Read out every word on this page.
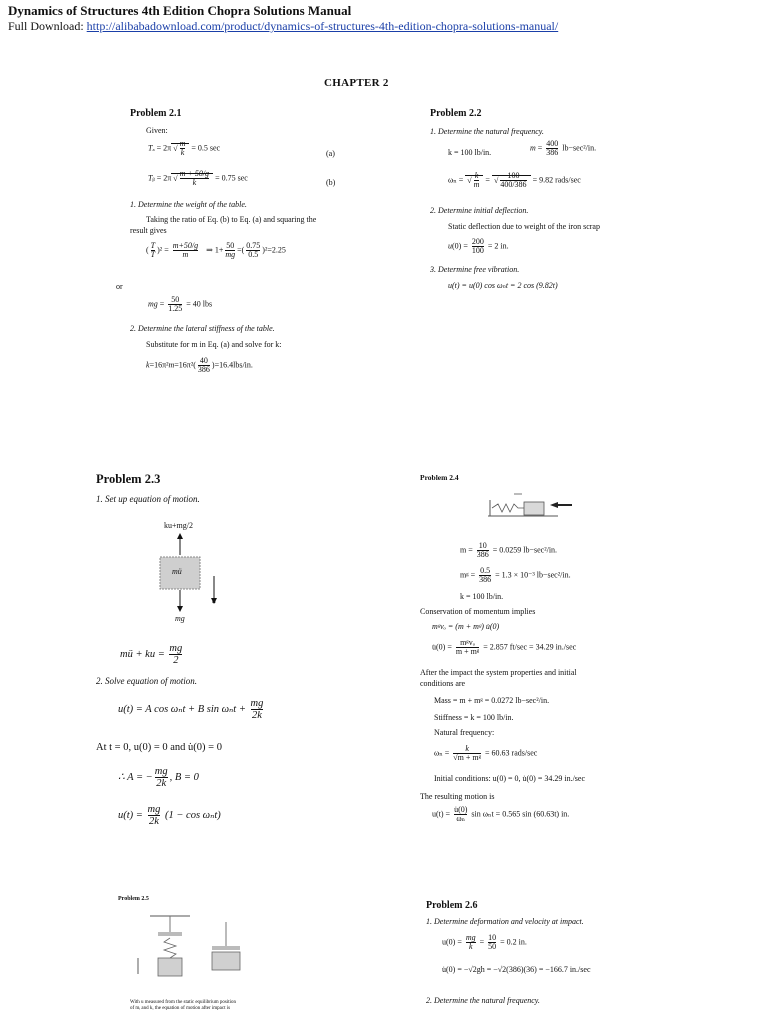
Dynamics of Structures 4th Edition Chopra Solutions Manual
Full Download: http://alibabadownload.com/product/dynamics-of-structures-4th-edition-chopra-solutions-manual/
CHAPTER 2
Problem 2.1
Given:
Tₐ = 2π √ $\frac{m}{k} = 0.5$ sec
(a)
Tᵦ = 2π √ $\frac{m + 50/g}{k} = 0.75$ sec	(b)
1. Determine the weight of the table.
Taking the ratio of Eq. (b) to Eq. (a) and squaring the
result gives
( $\frac{T}{T} )^2 = \frac{m+50/g}{m}$ ⇒ $1+ \frac{50}{mg}$ =( $\frac{0.75}{0.5} )^2=2.25$
or
mg = $\frac{50}{1.25} = 40$ lbs
2. Determine the lateral stiffness of the table.
Substitute for m in Eq. (a) and solve for k:
$k=16\pi^2m=16\pi^2( \frac{40}{386} )=16.4lbs/in$.
Problem 2.2
1. Determine the natural frequency.
k = 100 lb/in.	$m = \frac{400}{386} lb-\sec^2/in$.
ωₙ = √ $\frac{k}{m}$ = √ $\frac{100}{400/386} = 9.82$ rads/sec
2. Determine initial deflection.
Static deflection due to weight of the iron scrap
$u(0) = \frac{200}{100} = 2$ in.
3. Determine free vibration.
u(t) = u(0) cos ωₙt = 2 cos (9.82t)
Problem 2.3
1. Set up equation of motion.
ku+mg/2
mü
mg
u
mü + ku = $\frac{mg}{2}$
2. Solve equation of motion.
u(t) = A cos ωₙt + B $\sin \omega_nt + \frac{mg}{2k}$
At t = 0, u(0) = 0 and u̇(0) = 0
∴ A = − $\frac{mg}{2k}$ , B = 0
$u(t) = \frac{mg}{2k} (1 - \cos \omega_nt)$
Problem 2.4
$m = \frac{10}{386} = 0.0259$ lb−sec²/in.
mᵍ = $\frac{0.5}{386} = 1.3 \times 10^{-3}$ lb−sec²/in.
k = 100 lb/in.
Conservation of momentum implies
mᵍvₒ = (m + mᵍ) u̇(0)
u̇(0) = $\frac{\text{mᵍvₒ}}{\text{m + mᵍ}} = 2.857$ ft/sec = 34.29 in./sec
After the impact the system properties and initial
conditions are
Mass = m + mᵍ = 0.0272 lb−sec²/in.
Stiffness = k = 100 lb/in.
Natural frequency:
$\omega_n = \frac{k}{\text{√m + mᵍ}} = 60.63$ rads/sec
Initial conditions: u(0) = 0, u̇(0) = 34.29 in./sec
The resulting motion is
$u(t) = \frac{u̇(0)}{\text{ωₙ}}$ sin ωₙt = 0.565 sin (60.63t) in.
Problem 2.5
With u measured from the static equilibrium position
of mᵢ and k, the equation of motion after impact is
Problem 2.6
1. Determine deformation and velocity at impact.
$u(0) = \frac{mg}{k} = \frac{10}{50} = 0.2$ in.
u̇(0) = −√2gh = −√2(386)(36) = −166.7 in./sec
2. Determine the natural frequency.
